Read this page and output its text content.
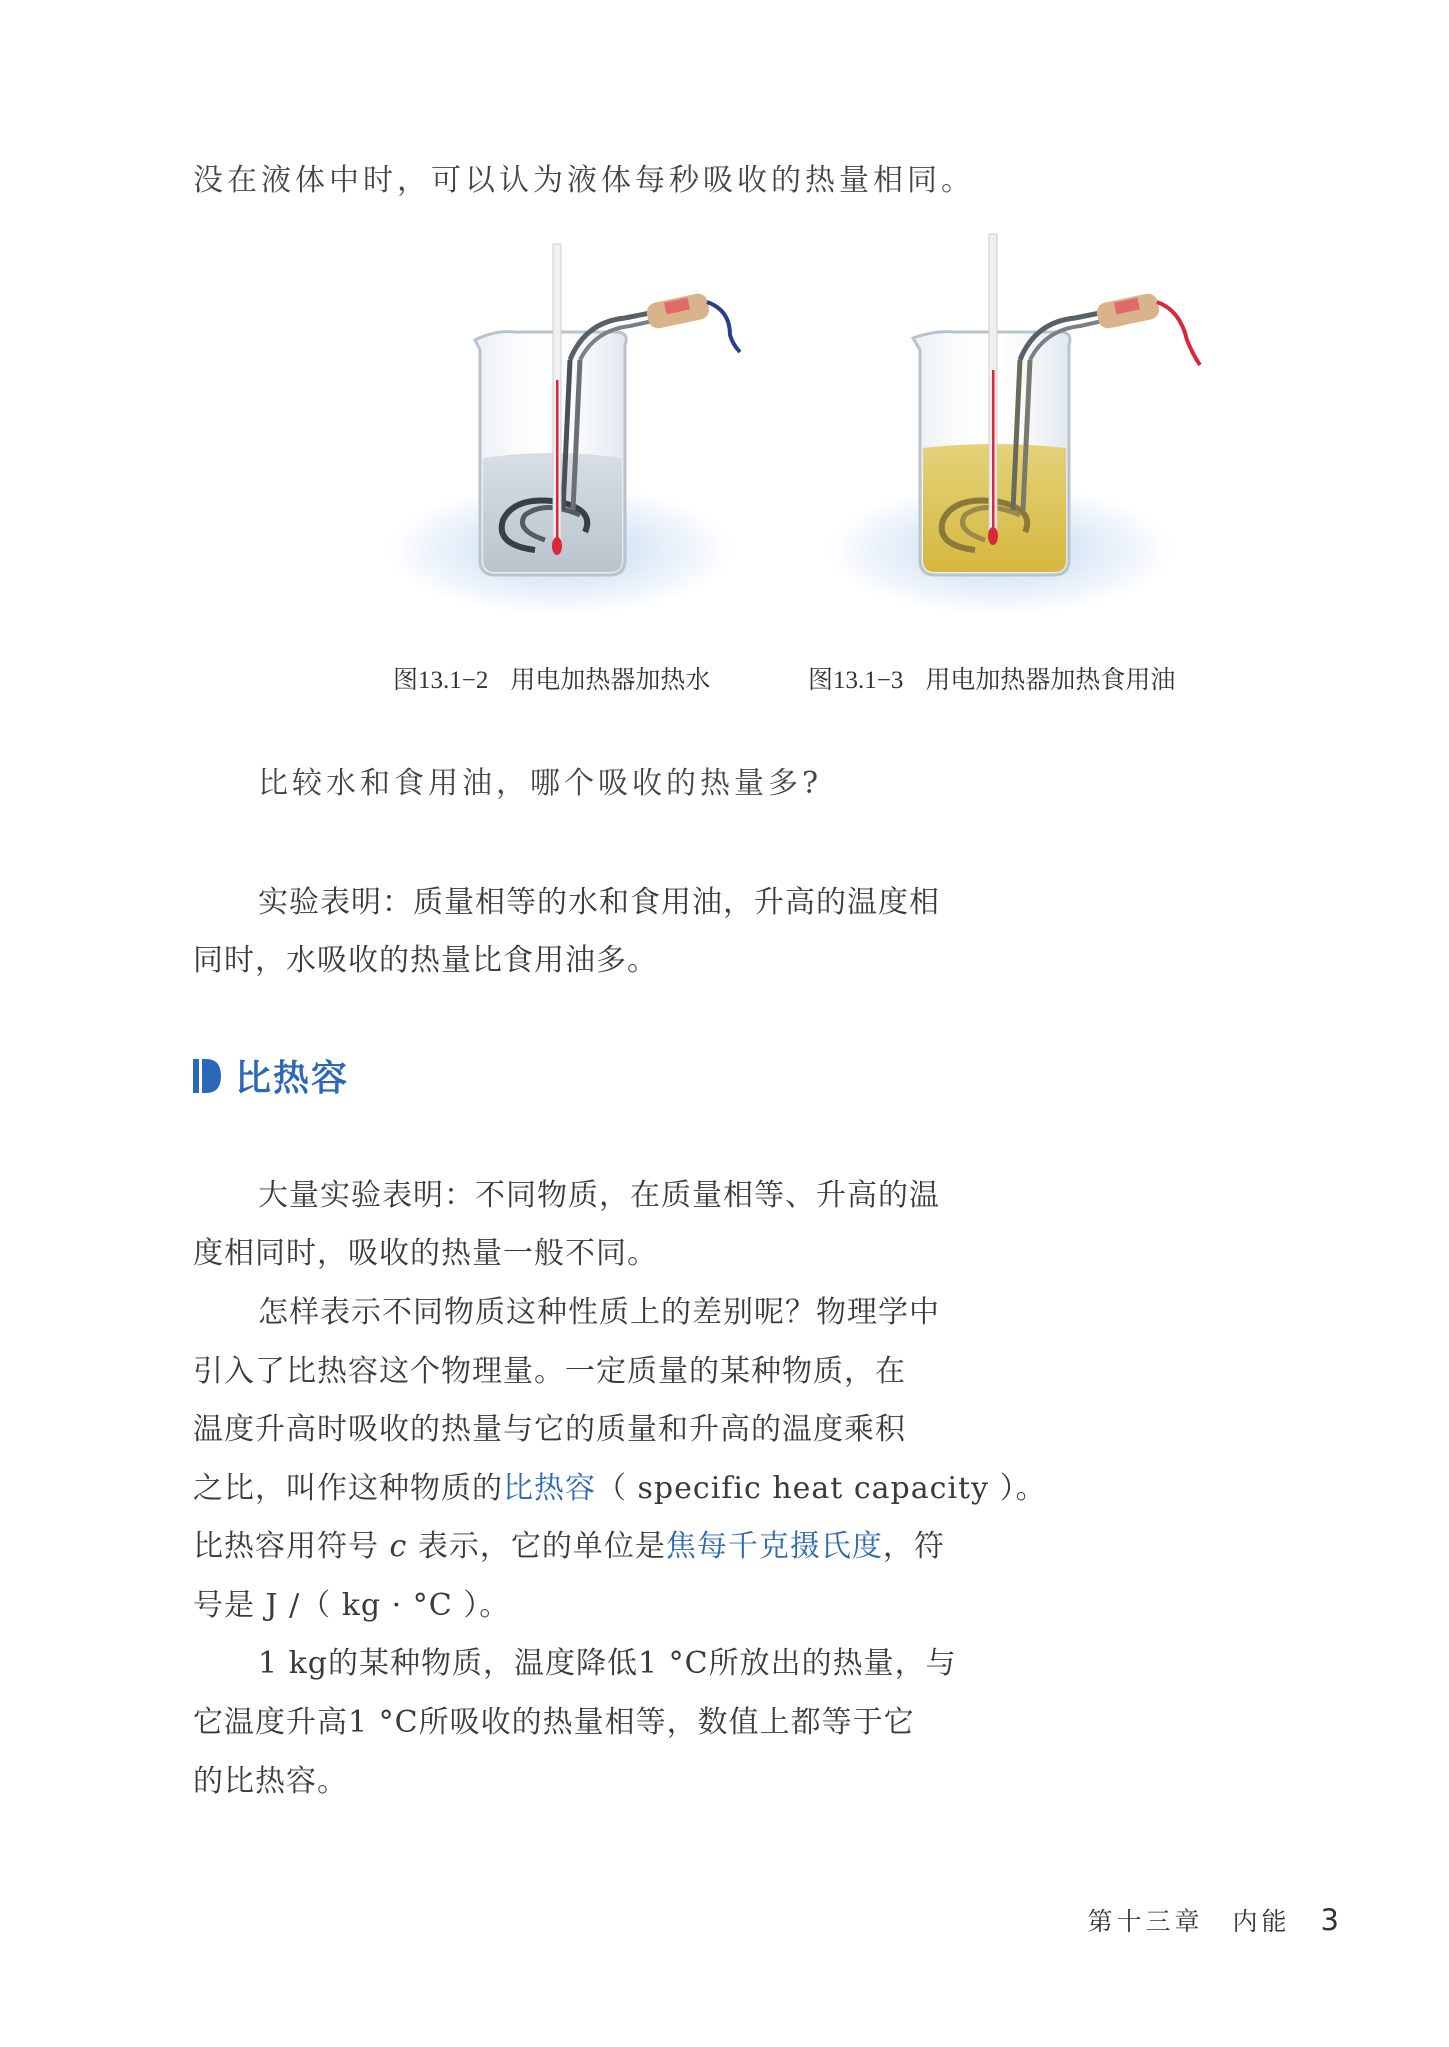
没在液体中时，可以认为液体每秒吸收的热量相同。
图13.1−2 用电加热器加热水	图13.1−3 用电加热器加热食用油
比较水和食用油，哪个吸收的热量多?
实验表明：质量相等的水和食用油，升高的温度相
同时，水吸收的热量比食用油多。
比热容
大量实验表明：不同物质，在质量相等、升高的温
度相同时，吸收的热量一般不同。
怎样表示不同物质这种性质上的差别呢？物理学中
引入了比热容这个物理量。一定质量的某种物质，在
温度升高时吸收的热量与它的质量和升高的温度乘积
之比，叫作这种物质的比热容（ specific heat capacity ）。
比热容用符号 c 表示，它的单位是焦每千克摄氏度，符
号是 J /（ kg · °C ）。
1 kg的某种物质，温度降低1 °C所放出的热量，与
它温度升高1 °C所吸收的热量相等，数值上都等于它
的比热容。
第十三章　内能 3
